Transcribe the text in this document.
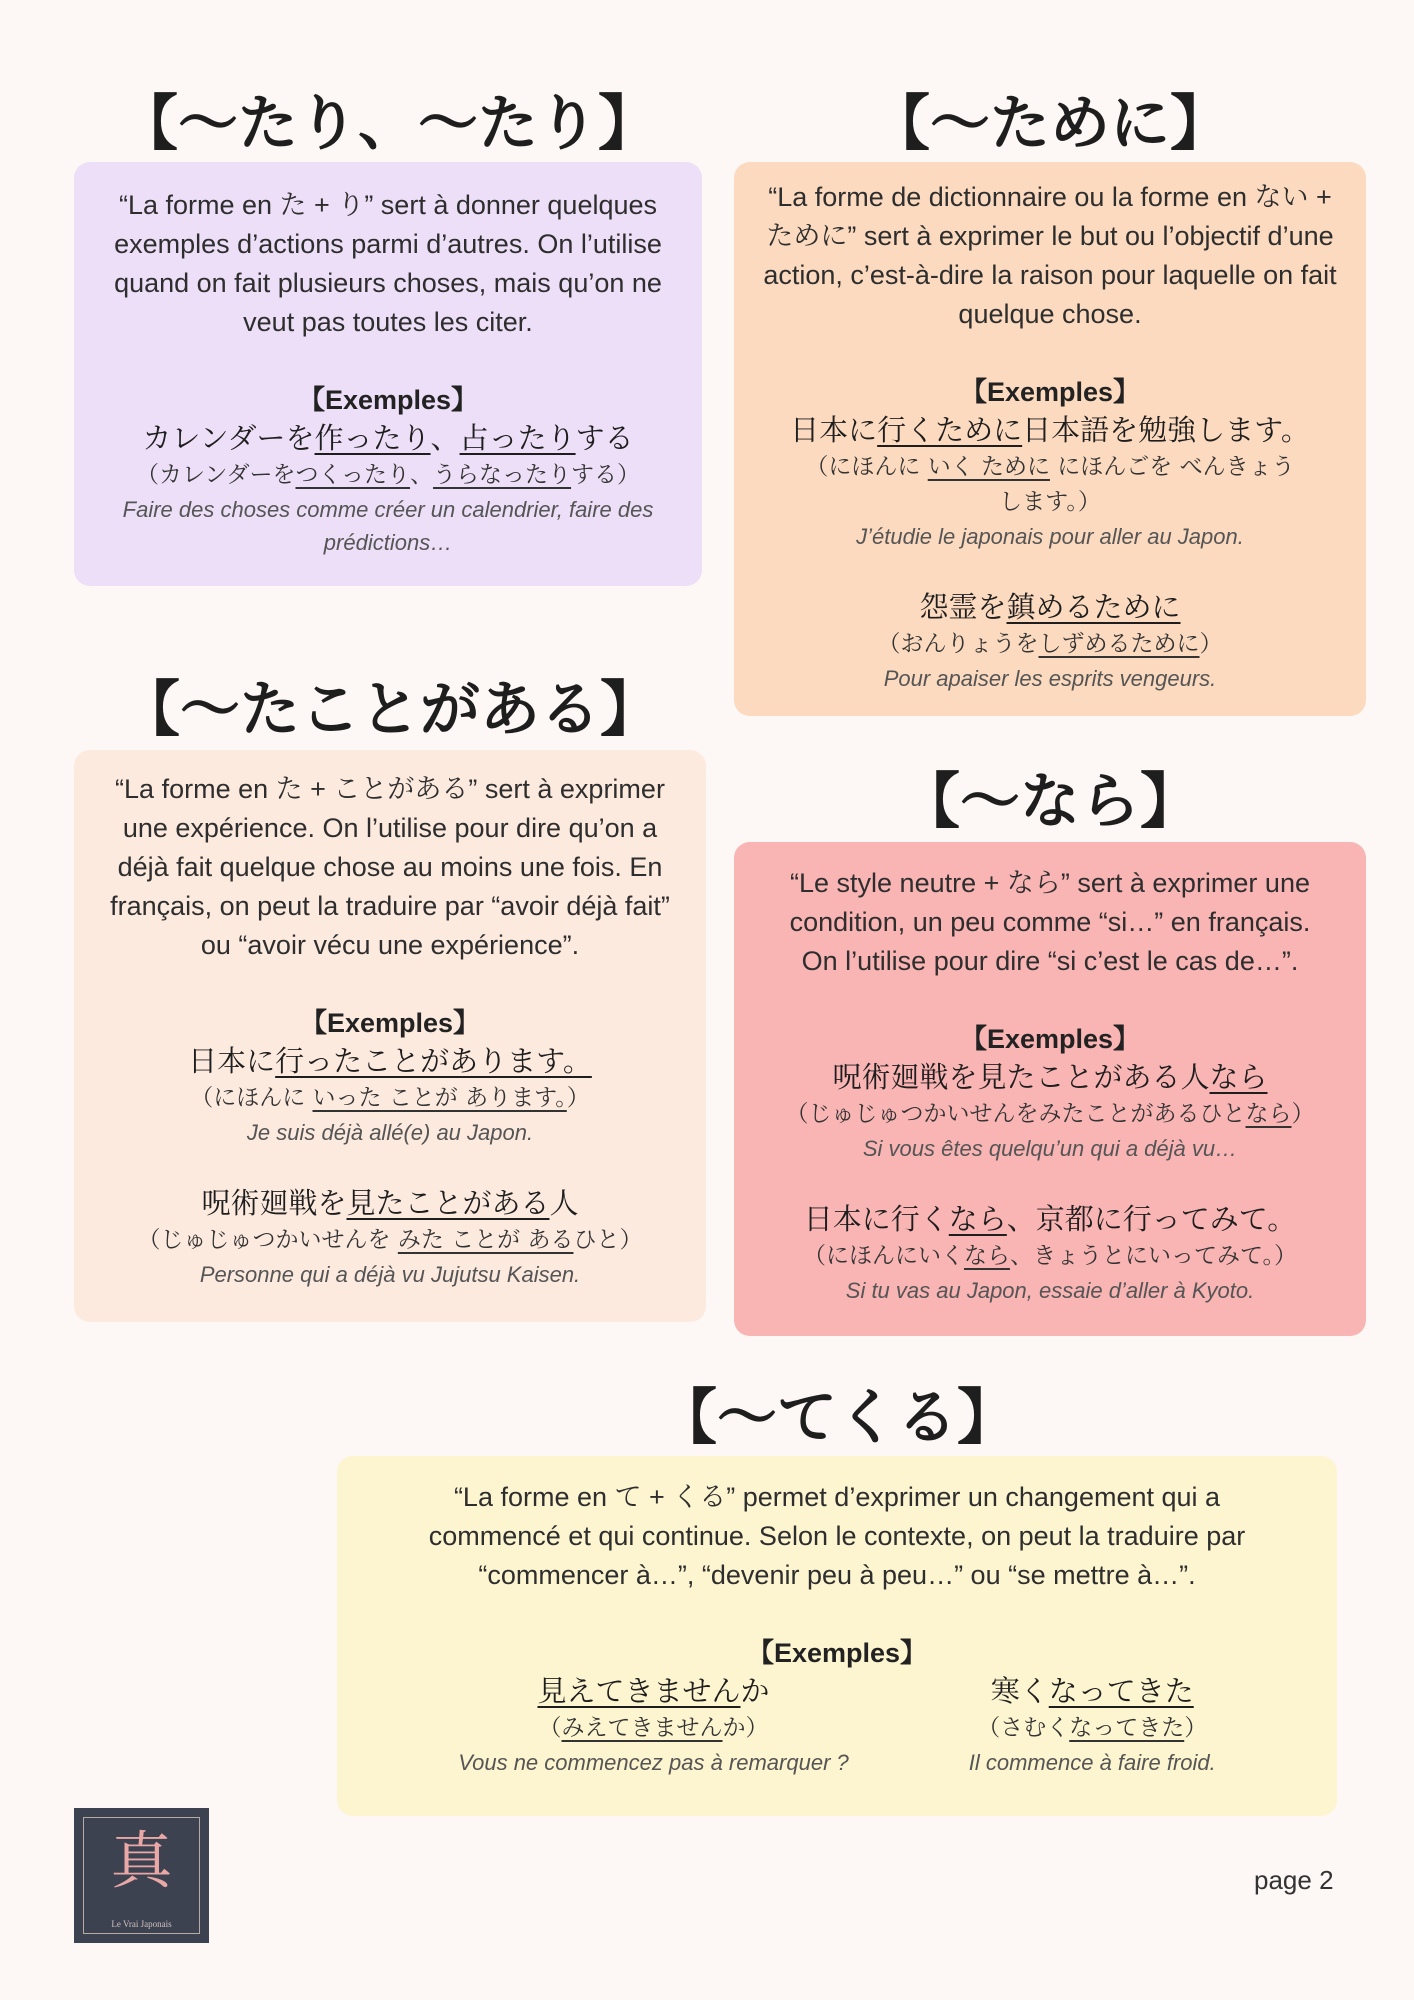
【〜たり、〜たり】

“La forme en た + り” sert à donner quelques exemples d’actions parmi d’autres. On l’utilise quand on fait plusieurs choses, mais qu’on ne veut pas toutes les citer.

【Exemples】

カレンダーを作ったり、占ったりする

（カレンダーをつくったり、うらなったりする）

Faire des choses comme créer un calendrier, faire des prédictions…

【〜ために】

“La forme de dictionnaire ou la forme en ない + ために” sert à exprimer le but ou l’objectif d’une action, c’est-à-dire la raison pour laquelle on fait quelque chose.

【Exemples】

日本に行くために日本語を勉強します。

（にほんに いく ために にほんごを べんきょう します。）

J’étudie le japonais pour aller au Japon.

怨霊を鎮めるために

（おんりょうをしずめるために）

Pour apaiser les esprits vengeurs.

【〜たことがある】

“La forme en た + ことがある” sert à exprimer une expérience. On l’utilise pour dire qu’on a déjà fait quelque chose au moins une fois. En français, on peut la traduire par “avoir déjà fait” ou “avoir vécu une expérience”.

【Exemples】

日本に行ったことがあります。

（にほんに いった ことが あります。）

Je suis déjà allé(e) au Japon.

呪術廻戦を見たことがある人

（じゅじゅつかいせんを みた ことが あるひと）

Personne qui a déjà vu Jujutsu Kaisen.

【〜なら】

“Le style neutre + なら” sert à exprimer une condition, un peu comme “si…” en français. On l’utilise pour dire “si c’est le cas de…”.

【Exemples】

呪術廻戦を見たことがある人なら

（じゅじゅつかいせんをみたことがあるひとなら）

Si vous êtes quelqu’un qui a déjà vu…

日本に行くなら、京都に行ってみて。

（にほんにいくなら、きょうとにいってみて。）

Si tu vas au Japon, essaie d’aller à Kyoto.

【〜てくる】

“La forme en て + くる” permet d’exprimer un changement qui a commencé et qui continue. Selon le contexte, on peut la traduire par “commencer à…”, “devenir peu à peu…” ou “se mettre à…”.

【Exemples】

見えてきませんか

（みえてきませんか）

Vous ne commencez pas à remarquer ?

寒くなってきた

（さむくなってきた）

Il commence à faire froid.

真
Le Vrai Japonais
page 2
